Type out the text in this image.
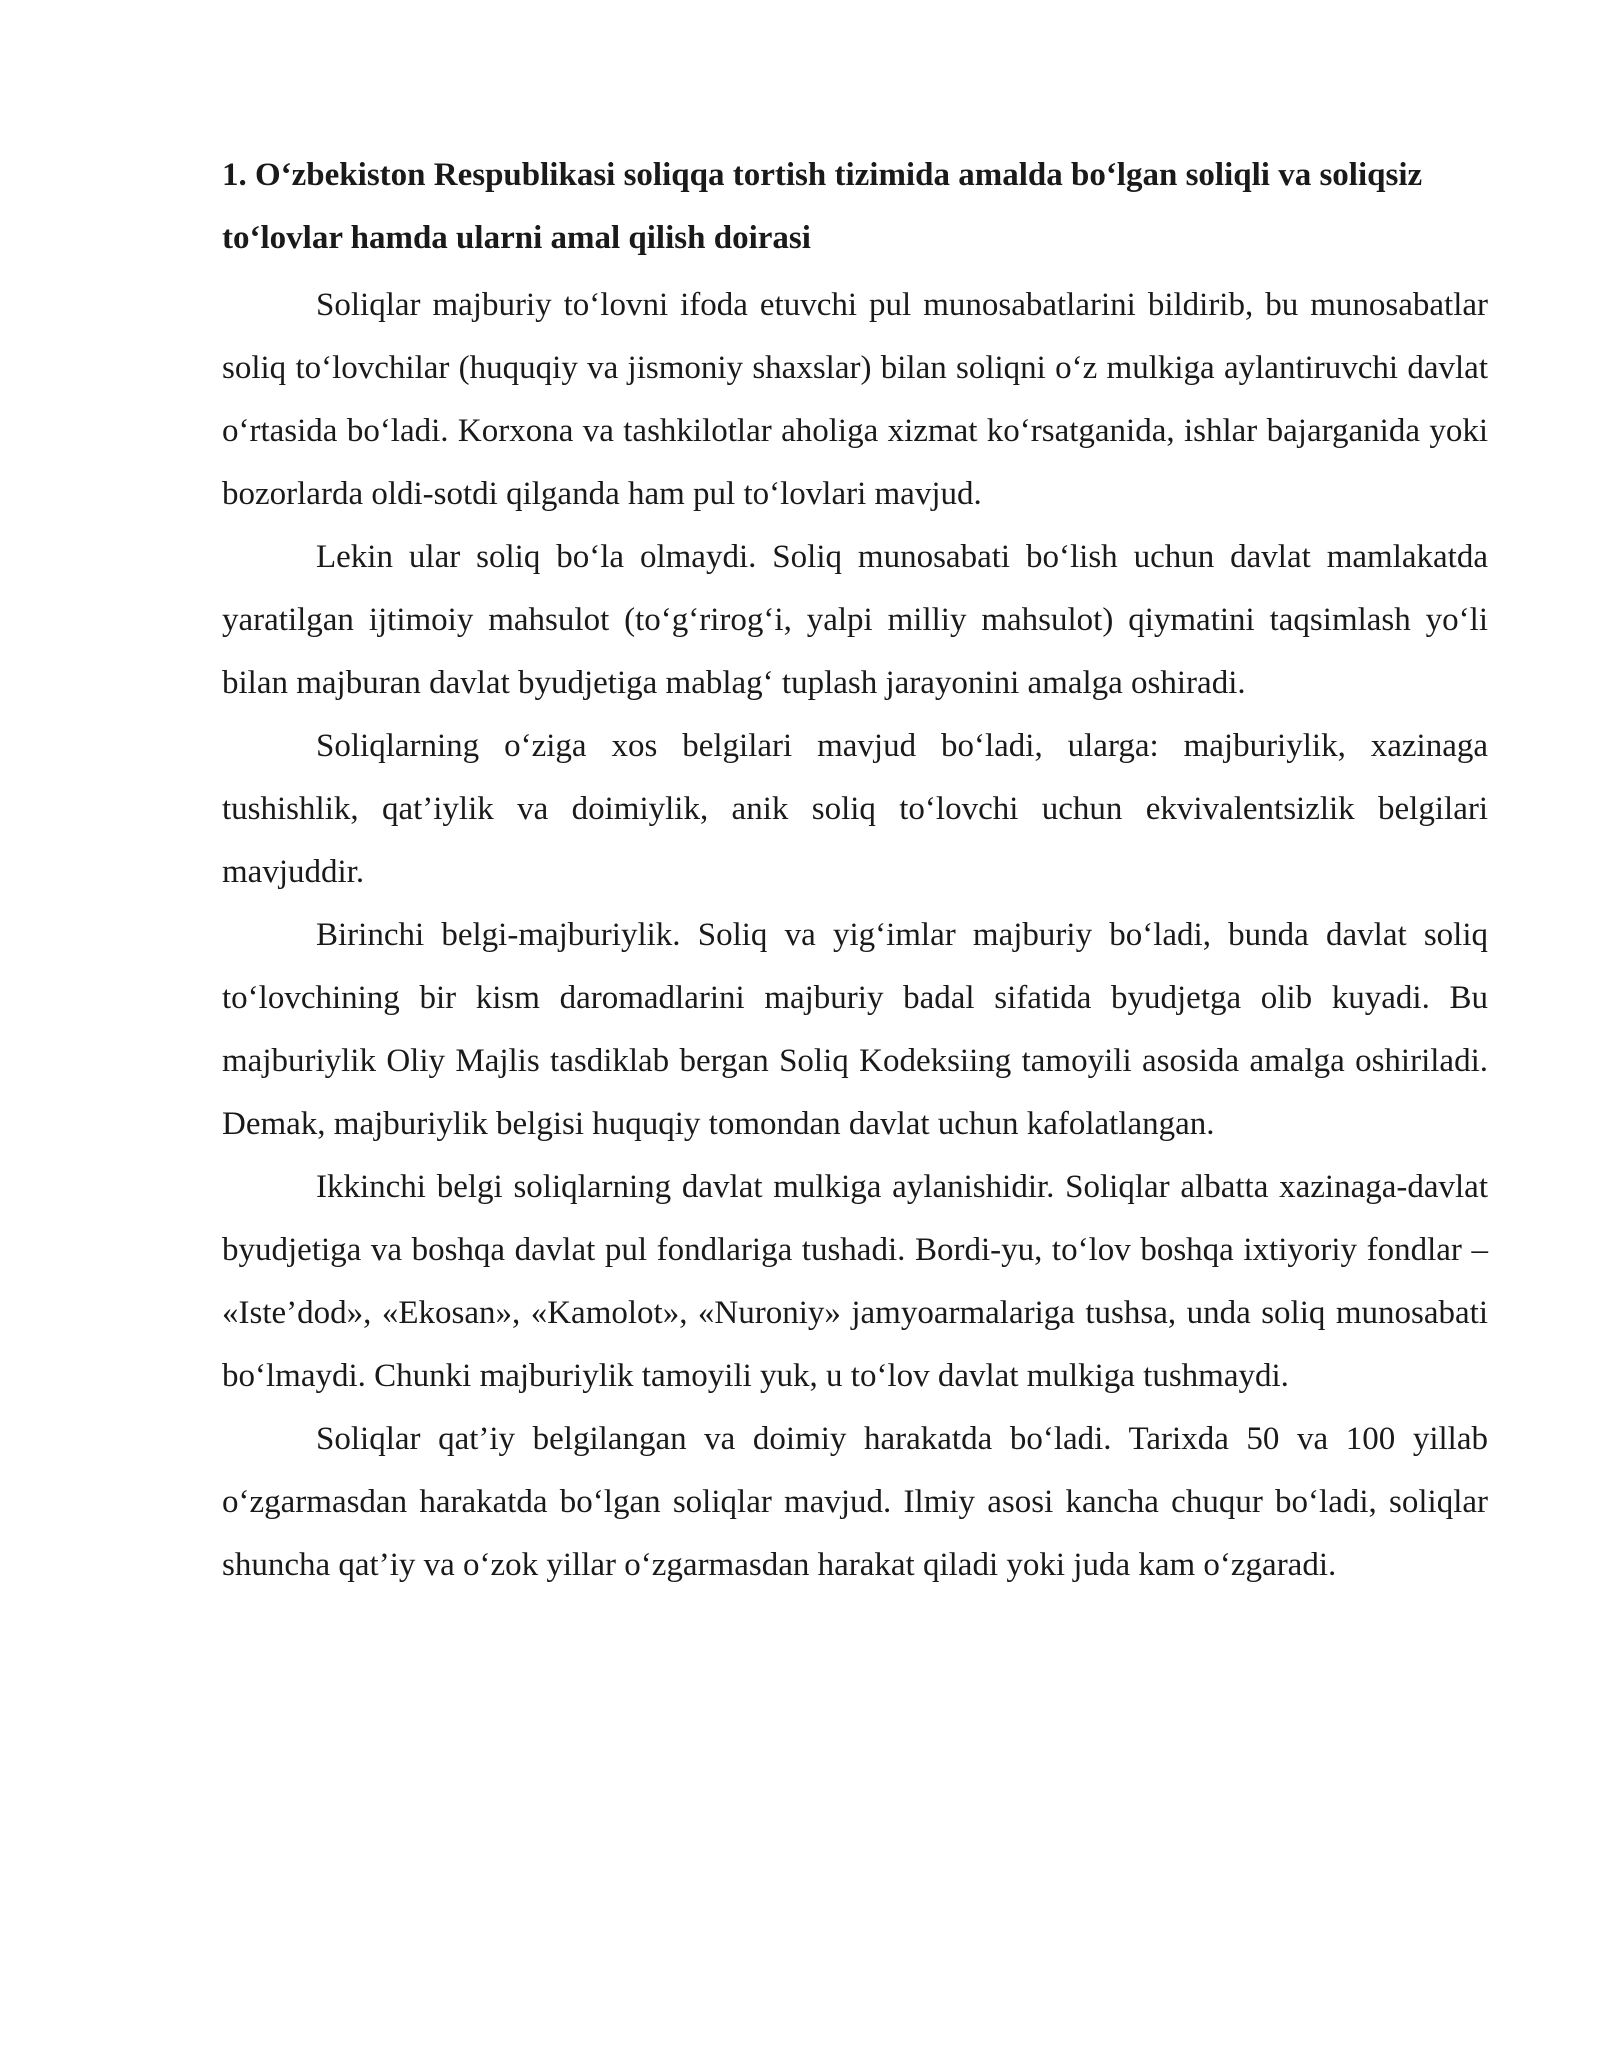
1. O‘zbekiston Respublikasi soliqqa tortish tizimida amalda bo‘lgan soliqli va soliqsiz to‘lovlar hamda ularni amal qilish doirasi

Soliqlar majburiy to‘lovni ifoda etuvchi pul munosabatlarini bildirib, bu munosabatlar soliq to‘lovchilar (huquqiy va jismoniy shaxslar) bilan soliqni o‘z mulkiga aylantiruvchi davlat o‘rtasida bo‘ladi. Korxona va tashkilotlar aholiga xizmat ko‘rsatganida, ishlar bajarganida yoki bozorlarda oldi-sotdi qilganda ham pul to‘lovlari mavjud.

Lekin ular soliq bo‘la olmaydi. Soliq munosabati bo‘lish uchun davlat mamlakatda yaratilgan ijtimoiy mahsulot (to‘g‘rirog‘i, yalpi milliy mahsulot) qiymatini taqsimlash yo‘li bilan majburan davlat byudjetiga mablag‘ tuplash jarayonini amalga oshiradi.

Soliqlarning o‘ziga xos belgilari mavjud bo‘ladi, ularga: majburiylik, xazinaga tushishlik, qat’iylik va doimiylik, anik soliq to‘lovchi uchun ekvivalentsizlik belgilari mavjuddir.

Birinchi belgi-majburiylik. Soliq va yig‘imlar majburiy bo‘ladi, bunda davlat soliq to‘lovchining bir kism daromadlarini majburiy badal sifatida byudjetga olib kuyadi. Bu majburiylik Oliy Majlis tasdiklab bergan Soliq Kodeksiing tamoyili asosida amalga oshiriladi. Demak, majburiylik belgisi huquqiy tomondan davlat uchun kafolatlangan.

Ikkinchi belgi soliqlarning davlat mulkiga aylanishidir. Soliqlar albatta xazinaga-davlat byudjetiga va boshqa davlat pul fondlariga tushadi. Bordi-yu, to‘lov boshqa ixtiyoriy fondlar – «Iste’dod», «Ekosan», «Kamolot», «Nuroniy» jamyoarmalariga tushsa, unda soliq munosabati bo‘lmaydi. Chunki majburiylik tamoyili yuk, u to‘lov davlat mulkiga tushmaydi.

Soliqlar qat’iy belgilangan va doimiy harakatda bo‘ladi. Tarixda 50 va 100 yillab o‘zgarmasdan harakatda bo‘lgan soliqlar mavjud. Ilmiy asosi kancha chuqur bo‘ladi, soliqlar shuncha qat’iy va o‘zok yillar o‘zgarmasdan harakat qiladi yoki juda kam o‘zgaradi.
